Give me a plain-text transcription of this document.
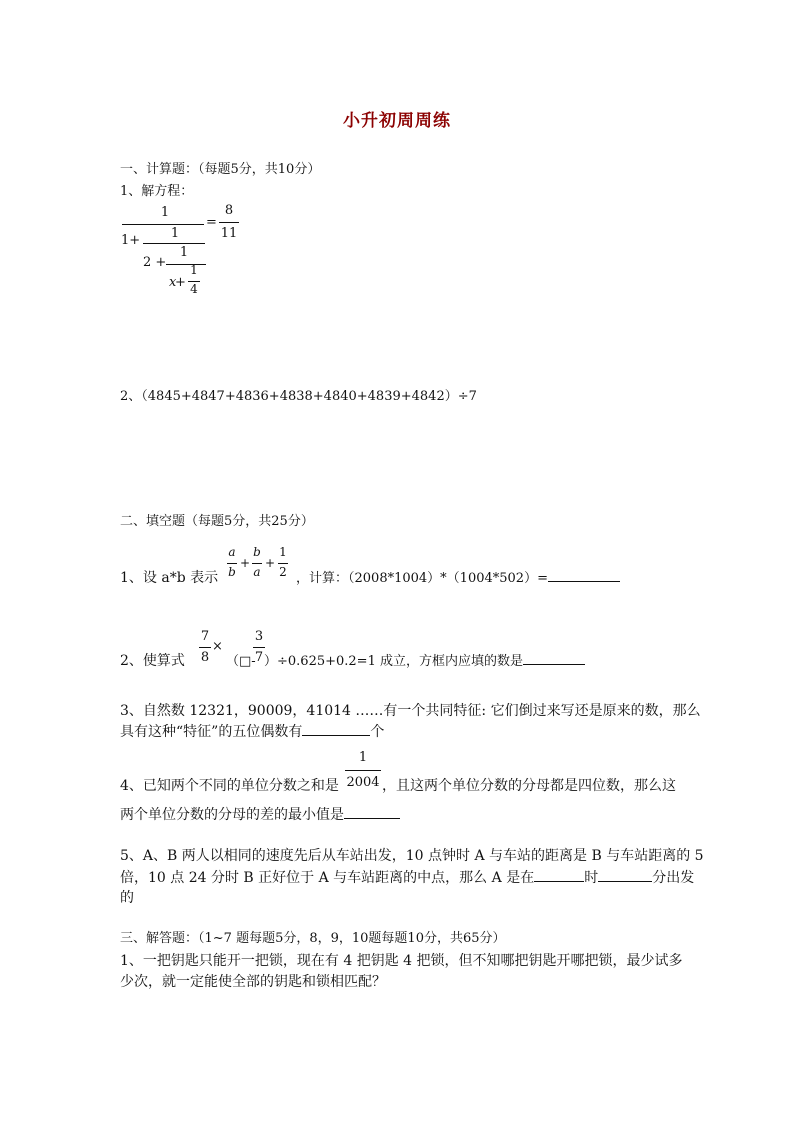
小升初周周练
一、计算题：（每题5分，共10分）
1、解方程：
1
1+	1
2 +
1
x
+
1
4
=
8
11
2、（4845+4847+4836+4838+4840+4839+4842）÷7
二、填空题（每题5分，共25分）
1、设 a*b 表示
a
b
+
b
a
+
1
2 ，计算：（2008*1004）*（1004*502）=
2、使算式
7
8
×
（□-
3
7 ）÷0.625+0.2=1 成立，方框内应填的数是
3、自然数 12321，90009，41014 ……有一个共同特征: 它们倒过来写还是原来的数，那么
具有这种“特征”的五位偶数有	个
4、已知两个不同的单位分数之和是
1
2004 ，且这两个单位分数的分母都是四位数，那么这
两个单位分数的分母的差的最小值是
5、A、B 两人以相同的速度先后从车站出发，10 点钟时 A 与车站的距离是 B 与车站距离的 5
倍，10 点 24 分时 B 正好位于 A 与车站距离的中点，那么 A 是在	时	分出发
的
三、解答题：（1~7 题每题5分，8，9，10题每题10分，共65分）
1、一把钥匙只能开一把锁，现在有 4 把钥匙 4 把锁，但不知哪把钥匙开哪把锁，最少试多
少次，就一定能使全部的钥匙和锁相匹配？
